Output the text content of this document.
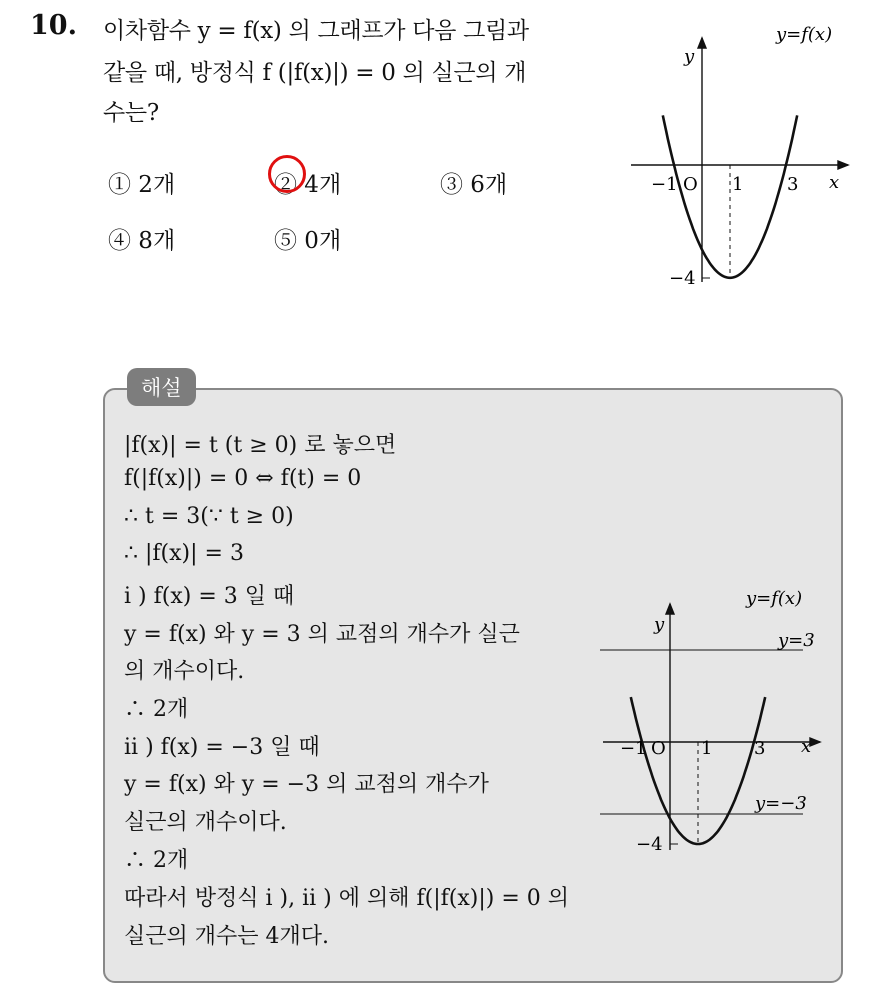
10. 이차함수 y = f(x) 의 그래프가 다음 그림과
같을 때, 방정식 f (|f(x)|) = 0 의 실근의 개
수는?
① 2개	② 4개	③ 6개
④ 8개	⑤ 0개
y=f(x)
y
x
−1 O 1 3
−4
해설
|f(x)| = t (t ≥ 0) 로 놓으면
f(|f(x)|) = 0 ⇔ f(t) = 0
∴ t = 3(∵ t ≥ 0)
∴ |f(x)| = 3
i ) f(x) = 3 일 때
y = f(x) 와 y = 3 의 교점의 개수가 실근
의 개수이다.
∴ 2개
ii ) f(x) = −3 일 때
y = f(x) 와 y = −3 의 교점의 개수가
실근의 개수이다.
∴ 2개
따라서 방정식 i ), ii ) 에 의해 f(|f(x)|) = 0 의
실근의 개수는 4개다.
y=f(x)
y
y=3
y=−3
x
−1 O 1 3
−4
